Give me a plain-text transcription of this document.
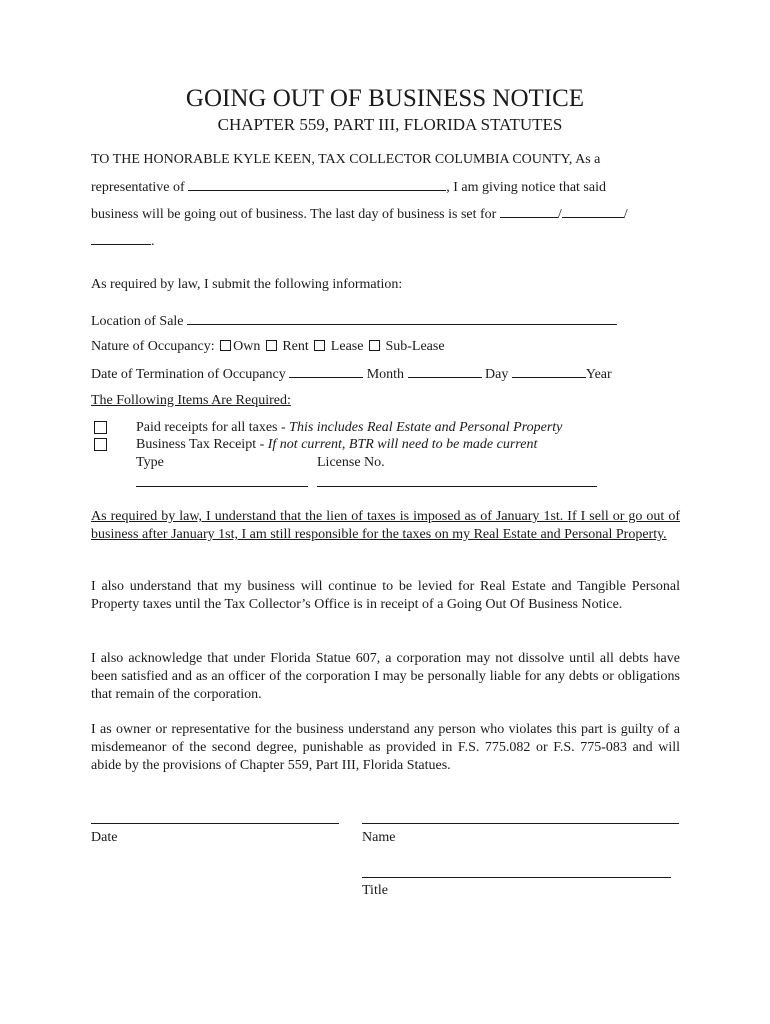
GOING OUT OF BUSINESS NOTICE
CHAPTER 559, PART III, FLORIDA STATUTES
TO THE HONORABLE KYLE KEEN, TAX COLLECTOR COLUMBIA COUNTY, As a
representative of	, I am giving notice that said
business will be going out of business. The last day of business is set for	/	/
.
As required by law, I submit the following information:
Location of Sale
Nature of Occupancy: Own Rent Lease Sub-Lease
Date of Termination of Occupancy	Month	Day	Year
The Following Items Are Required:
Paid receipts for all taxes - This includes Real Estate and Personal Property
Business Tax Receipt - If not current, BTR will need to be made current
Type	License No.
As required by law, I understand that the lien of taxes is imposed as of January 1st. If I sell or go out of business after January 1st, I am still responsible for the taxes on my Real Estate and Personal Property.
I also understand that my business will continue to be levied for Real Estate and Tangible Personal Property taxes until the Tax Collector’s Office is in receipt of a Going Out Of Business Notice.
I also acknowledge that under Florida Statue 607, a corporation may not dissolve until all debts have been satisfied and as an officer of the corporation I may be personally liable for any debts or obligations that remain of the corporation.
I as owner or representative for the business understand any person who violates this part is guilty of a misdemeanor of the second degree, punishable as provided in F.S. 775.082 or F.S. 775-083 and will abide by the provisions of Chapter 559, Part III, Florida Statues.
Date	Name
Title
